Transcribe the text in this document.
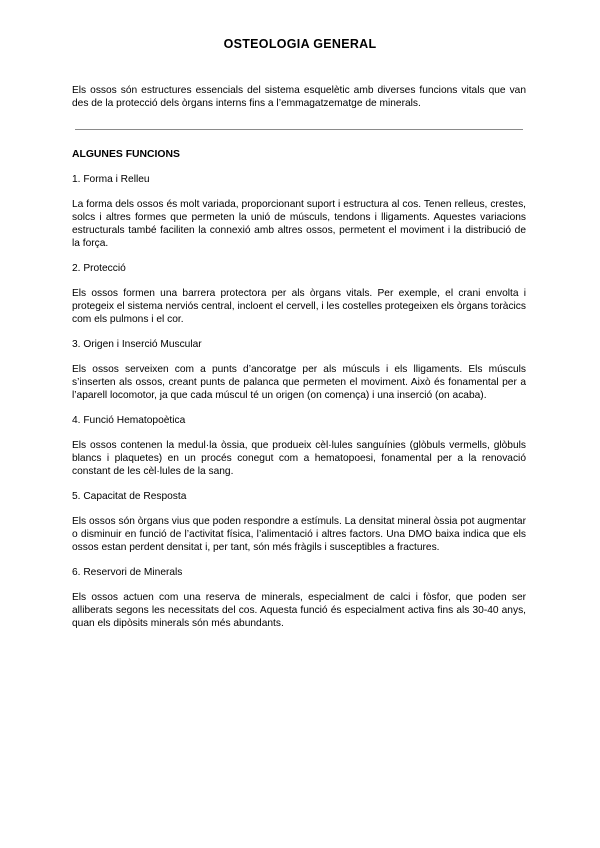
OSTEOLOGIA GENERAL

Els ossos són estructures essencials del sistema esquelètic amb diverses funcions vitals que van des de la protecció dels òrgans interns fins a l’emmagatzematge de minerals.

ALGUNES FUNCIONS
1. Forma i Relleu

La forma dels ossos és molt variada, proporcionant suport i estructura al cos. Tenen relleus, crestes, solcs i altres formes que permeten la unió de músculs, tendons i lligaments. Aquestes variacions estructurals també faciliten la connexió amb altres ossos, permetent el moviment i la distribució de la força.

2. Protecció

Els ossos formen una barrera protectora per als òrgans vitals. Per exemple, el crani envolta i protegeix el sistema nerviós central, incloent el cervell, i les costelles protegeixen els òrgans toràcics com els pulmons i el cor.

3. Origen i Inserció Muscular

Els ossos serveixen com a punts d’ancoratge per als músculs i els lligaments. Els músculs s’inserten als ossos, creant punts de palanca que permeten el moviment. Això és fonamental per a l’aparell locomotor, ja que cada múscul té un origen (on comença) i una inserció (on acaba).

4. Funció Hematopoètica

Els ossos contenen la medul·la òssia, que produeix cèl·lules sanguínies (glòbuls vermells, glòbuls blancs i plaquetes) en un procés conegut com a hematopoesi, fonamental per a la renovació constant de les cèl·lules de la sang.

5. Capacitat de Resposta

Els ossos són òrgans vius que poden respondre a estímuls. La densitat mineral òssia pot augmentar o disminuir en funció de l’activitat física, l’alimentació i altres factors. Una DMO baixa indica que els ossos estan perdent densitat i, per tant, són més fràgils i susceptibles a fractures.

6. Reservori de Minerals

Els ossos actuen com una reserva de minerals, especialment de calci i fòsfor, que poden ser alliberats segons les necessitats del cos. Aquesta funció és especialment activa fins als 30-40 anys, quan els dipòsits minerals són més abundants.
